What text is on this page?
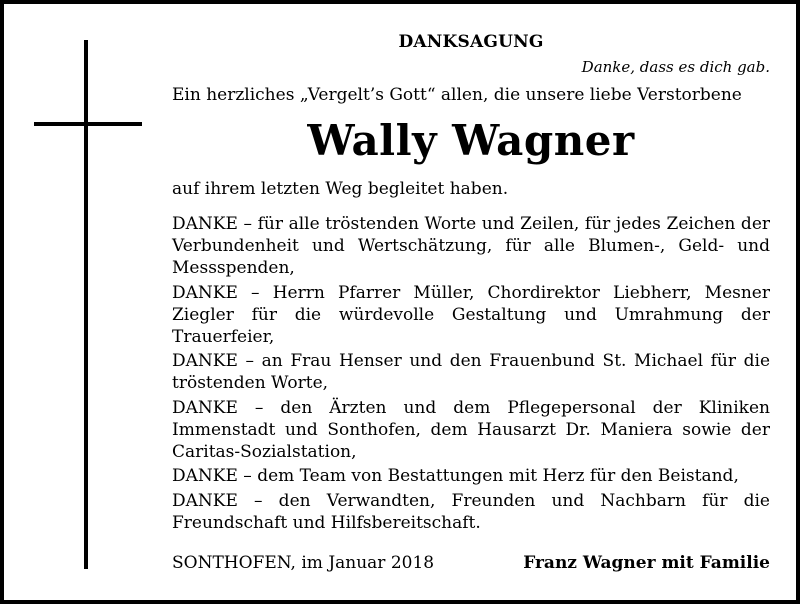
DANKSAGUNG

Danke, dass es dich gab.

Ein herzliches „Vergelt’s Gott“ allen, die unsere liebe Verstorbene

Wally Wagner

auf ihrem letzten Weg begleitet haben.

DANKE – für alle tröstenden Worte und Zeilen, für jedes Zeichen der Verbundenheit und Wertschätzung, für alle Blumen-, Geld- und Messspenden,

DANKE – Herrn Pfarrer Müller, Chordirektor Liebherr, Mesner Ziegler für die würdevolle Gestaltung und Umrahmung der Trauerfeier,

DANKE – an Frau Henser und den Frauenbund St. Michael für die tröstenden Worte,

DANKE – den Ärzten und dem Pflegepersonal der Kliniken Immenstadt und Sonthofen, dem Hausarzt Dr. Maniera sowie der Caritas-Sozialstation,

DANKE – dem Team von Bestattungen mit Herz für den Beistand,

DANKE – den Verwandten, Freunden und Nachbarn für die Freundschaft und Hilfsbereitschaft.

SONTHOFEN, im Januar 2018	Franz Wagner mit Familie
